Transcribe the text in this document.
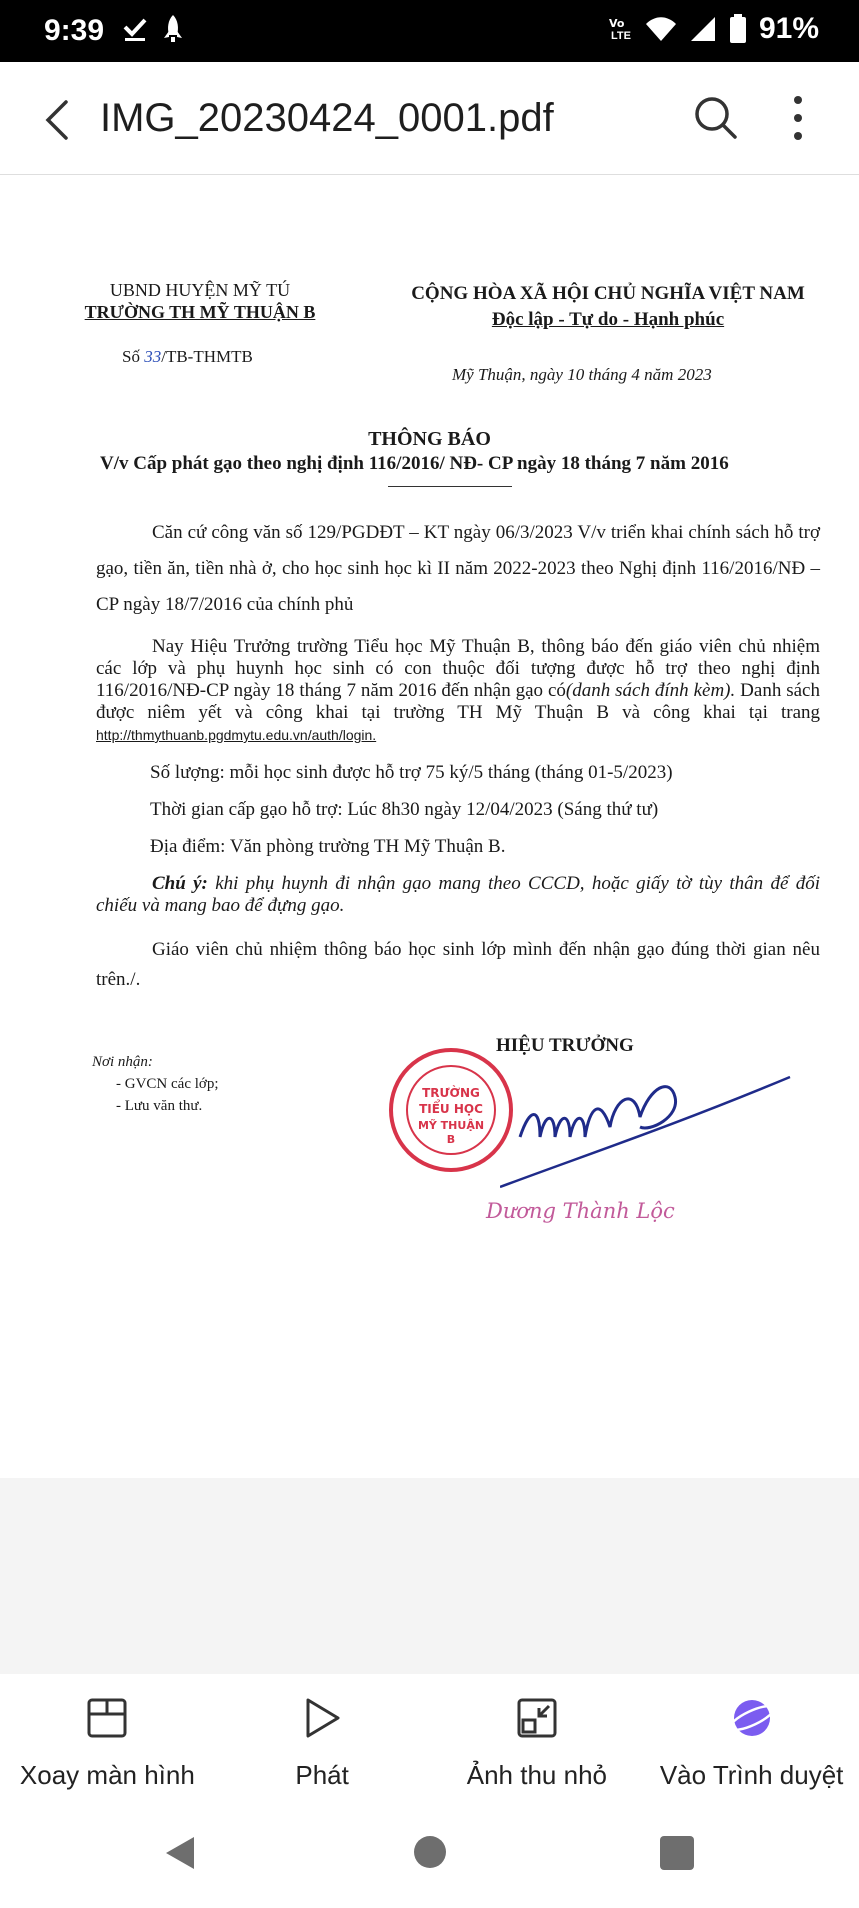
9:39	Vo

LTE	91%
IMG_20230424_0001.pdf
UBND HUYỆN MỸ TÚ
TRƯỜNG TH MỸ THUẬN B
Số 33/TB-THMTB
CỘNG HÒA XÃ HỘI CHỦ NGHĨA VIỆT NAM
Độc lập - Tự do - Hạnh phúc
Mỹ Thuận, ngày 10 tháng 4 năm 2023
THÔNG BÁO
V/v Cấp phát gạo theo nghị định 116/2016/ NĐ- CP ngày 18 tháng 7 năm 2016
Căn cứ công văn số 129/PGDĐT – KT ngày 06/3/2023 V/v triển khai chính sách hỗ trợ gạo, tiền ăn, tiền nhà ở, cho học sinh học kì II năm 2022-2023 theo Nghị định 116/2016/NĐ – CP ngày 18/7/2016 của chính phủ
Nay Hiệu Trưởng trường Tiểu học Mỹ Thuận B, thông báo đến giáo viên chủ nhiệm các lớp và phụ huynh học sinh có con thuộc đối tượng được hỗ trợ theo nghị định 116/2016/NĐ-CP ngày 18 tháng 7 năm 2016 đến nhận gạo có(danh sách đính kèm). Danh sách được niêm yết và công khai tại trường TH Mỹ Thuận B và công khai tại trang http://thmythuanb.pgdmytu.edu.vn/auth/login.
Số lượng: mỗi học sinh được hỗ trợ 75 ký/5 tháng (tháng 01-5/2023)
Thời gian cấp gạo hỗ trợ: Lúc 8h30 ngày 12/04/2023 (Sáng thứ tư)
Địa điểm: Văn phòng trường TH Mỹ Thuận B.
Chú ý: khi phụ huynh đi nhận gạo mang theo CCCD, hoặc giấy tờ tùy thân để đối chiếu và mang bao để đựng gạo.
Giáo viên chủ nhiệm thông báo học sinh lớp mình đến nhận gạo đúng thời gian nêu trên./.
Nơi nhận:
- GVCN các lớp;
- Lưu văn thư.
HIỆU TRƯỞNG
TRƯỜNG
TIỂU HỌC
MỸ THUẬN
B
Dương Thành Lộc
Xoay màn hình	Phát	Ảnh thu nhỏ	Vào Trình duyệt
